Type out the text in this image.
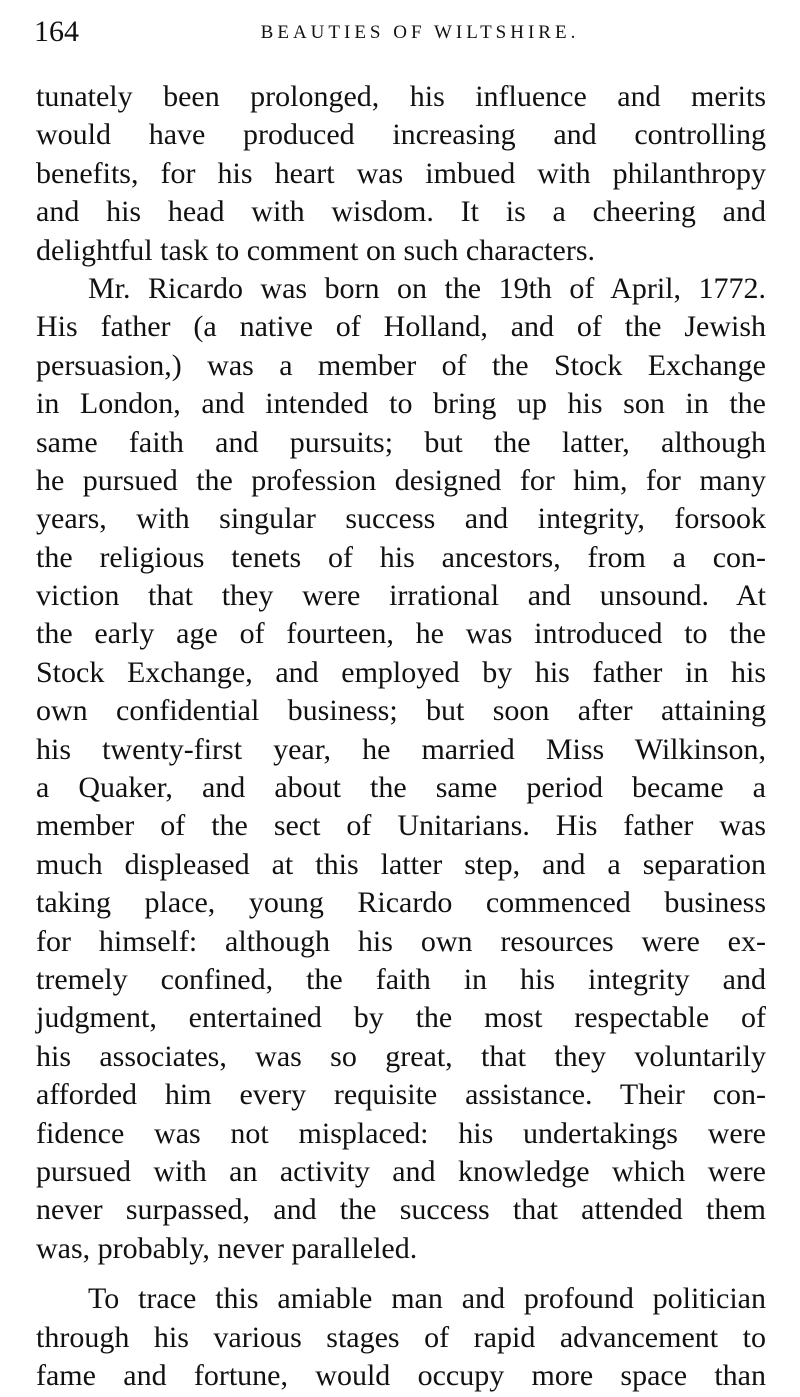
164	BEAUTIES OF WILTSHIRE.
tunately been prolonged, his influence and merits
would have produced increasing and controlling
benefits, for his heart was imbued with philanthropy
and his head with wisdom. It is a cheering and
delightful task to comment on such characters.
Mr. Ricardo was born on the 19th of April, 1772.
His father (a native of Holland, and of the Jewish
persuasion,) was a member of the Stock Exchange
in London, and intended to bring up his son in the
same faith and pursuits; but the latter, although
he pursued the profession designed for him, for many
years, with singular success and integrity, forsook
the religious tenets of his ancestors, from a con-
viction that they were irrational and unsound. At
the early age of fourteen, he was introduced to the
Stock Exchange, and employed by his father in his
own confidential business; but soon after attaining
his twenty-first year, he married Miss Wilkinson,
a Quaker, and about the same period became a
member of the sect of Unitarians. His father was
much displeased at this latter step, and a separation
taking place, young Ricardo commenced business
for himself: although his own resources were ex-
tremely confined, the faith in his integrity and
judgment, entertained by the most respectable of
his associates, was so great, that they voluntarily
afforded him every requisite assistance. Their con-
fidence was not misplaced: his undertakings were
pursued with an activity and knowledge which were
never surpassed, and the success that attended them
was, probably, never paralleled.
To trace this amiable man and profound politician
through his various stages of rapid advancement to
fame and fortune, would occupy more space than
